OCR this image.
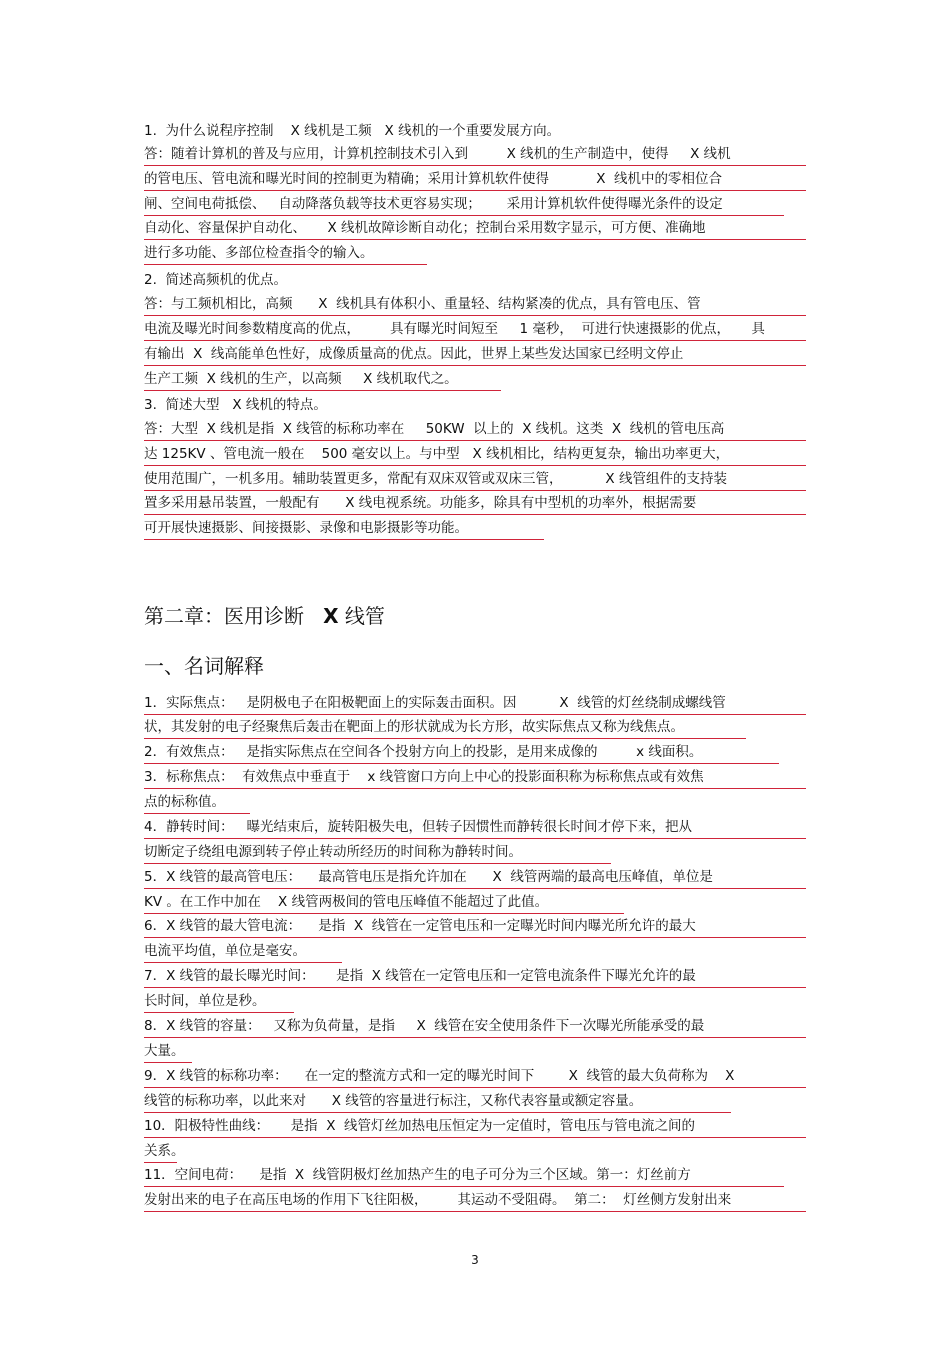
1.  为什么说程序控制    X 线机是工频   X 线机的一个重要发展方向。
答：随着计算机的普及与应用，计算机控制技术引入到         X 线机的生产制造中，使得     X 线机
的管电压、管电流和曝光时间的控制更为精确；采用计算机软件使得           X  线机中的零相位合
闸、空间电荷抵偿、   自动降落负载等技术更容易实现；      采用计算机软件使得曝光条件的设定
自动化、容量保护自动化、     X 线机故障诊断自动化；控制台采用数字显示，可方便、准确地
进行多功能、多部位检查指令的输入。
2.  简述高频机的优点。
答：与工频机相比，高频      X  线机具有体积小、重量轻、结构紧凑的优点，具有管电压、管
电流及曝光时间参数精度高的优点，       具有曝光时间短至     1 毫秒，  可进行快速摄影的优点，     具
有输出  X  线高能单色性好，成像质量高的优点。因此，世界上某些发达国家已经明文停止
生产工频  X 线机的生产，以高频     X 线机取代之。
3.  简述大型   X 线机的特点。
答：大型  X 线机是指  X 线管的标称功率在     50KW  以上的  X 线机。这类  X  线机的管电压高
达 125KV 、管电流一般在    500 毫安以上。与中型   X 线机相比，结构更复杂，输出功率更大，
使用范围广，一机多用。辅助装置更多，常配有双床双管或双床三管，          X 线管组件的支持装
置多采用悬吊装置，一般配有      X 线电视系统。功能多，除具有中型机的功率外，根据需要
可开展快速摄影、间接摄影、录像和电影摄影等功能。
第二章：医用诊断   X 线管
一、名词解释
1．实际焦点：   是阴极电子在阳极靶面上的实际轰击面积。因          X  线管的灯丝绕制成螺线管
状，其发射的电子经聚焦后轰击在靶面上的形状就成为长方形，故实际焦点又称为线焦点。
2．有效焦点：   是指实际焦点在空间各个投射方向上的投影，是用来成像的         x 线面积。
3．标称焦点：  有效焦点中垂直于    x 线管窗口方向上中心的投影面积称为标称焦点或有效焦
点的标称值。
4．静转时间：   曝光结束后，旋转阳极失电，但转子因惯性而静转很长时间才停下来，把从
切断定子绕组电源到转子停止转动所经历的时间称为静转时间。
5．X 线管的最高管电压：    最高管电压是指允许加在      X  线管两端的最高电压峰值，单位是
KV 。在工作中加在    X 线管两极间的管电压峰值不能超过了此值。
6．X 线管的最大管电流：    是指  X  线管在一定管电压和一定曝光时间内曝光所允许的最大
电流平均值，单位是毫安。
7．X 线管的最长曝光时间：     是指  X 线管在一定管电压和一定管电流条件下曝光允许的最
长时间，单位是秒。
8．X 线管的容量：   又称为负荷量，是指     X  线管在安全使用条件下一次曝光所能承受的最
大量。
9．X 线管的标称功率：    在一定的整流方式和一定的曝光时间下        X  线管的最大负荷称为    X
线管的标称功率，以此来对      X 线管的容量进行标注，又称代表容量或额定容量。
10．阳极特性曲线：     是指  X  线管灯丝加热电压恒定为一定值时，管电压与管电流之间的
关系。
11．空间电荷：    是指  X  线管阴极灯丝加热产生的电子可分为三个区域。第一：灯丝前方
发射出来的电子在高压电场的作用下飞往阳极，       其运动不受阻碍。  第二：  灯丝侧方发射出来
3
